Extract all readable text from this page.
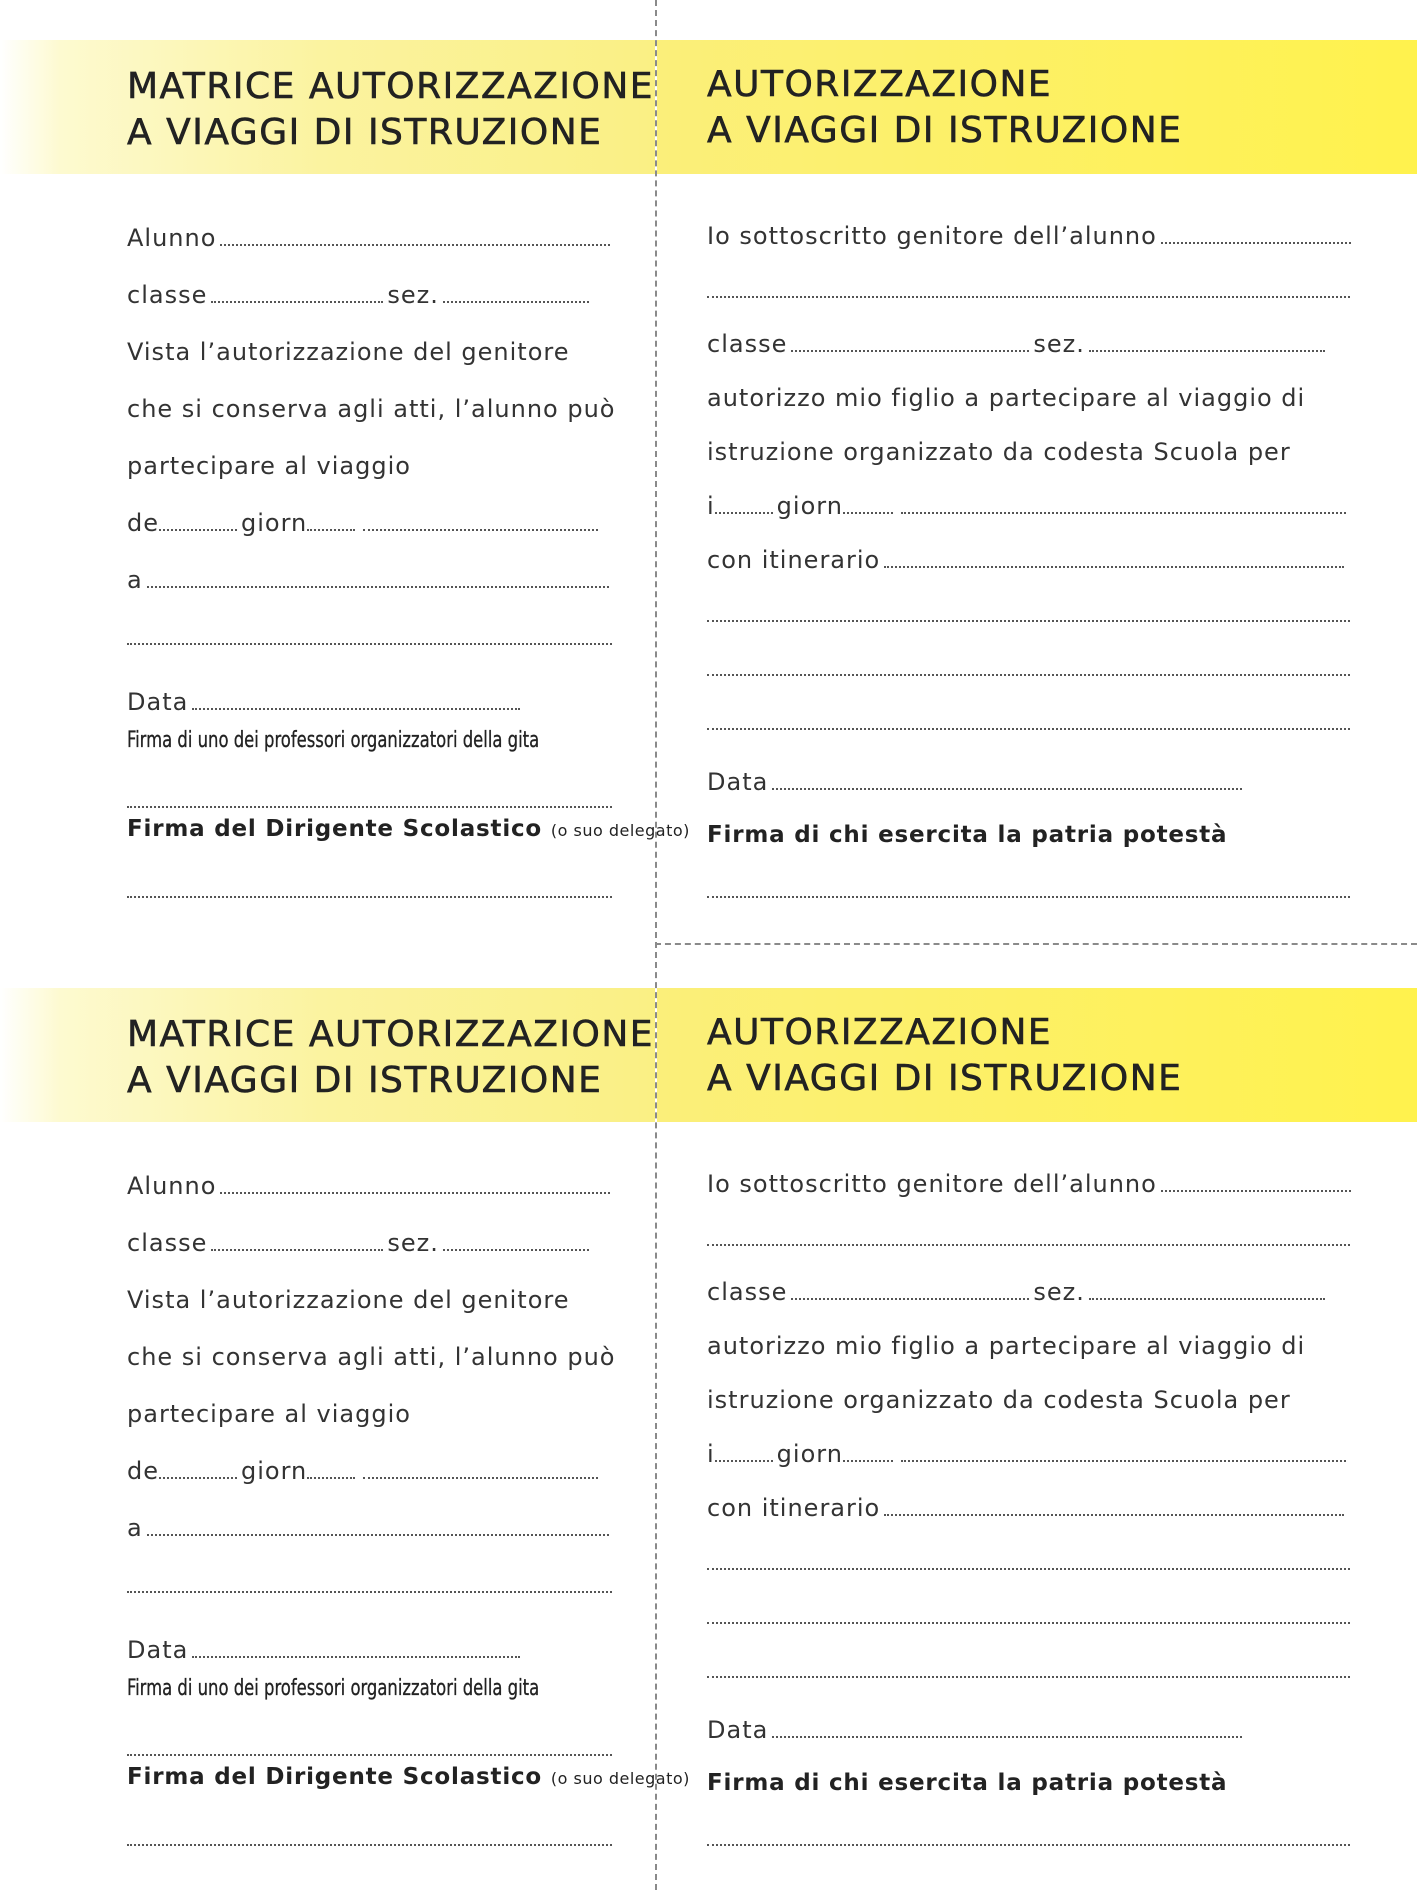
MATRICE AUTORIZZAZIONE
A VIAGGI DI ISTRUZIONE
Alunno
classe	sez.
Vista l’autorizzazione del genitore
che si conserva agli atti, l’alunno può
partecipare al viaggio
de	giorn
a
Data
Firma di uno dei professori organizzatori della gita
Firma del Dirigente Scolastico (o suo delegato)
AUTORIZZAZIONE
A VIAGGI DI ISTRUZIONE
Io sottoscritto genitore dell’alunno
classe	sez.
autorizzo mio figlio a partecipare al viaggio di
istruzione organizzato da codesta Scuola per
i	giorn
con itinerario
Data
Firma di chi esercita la patria potestà
MATRICE AUTORIZZAZIONE
A VIAGGI DI ISTRUZIONE
Alunno
classe	sez.
Vista l’autorizzazione del genitore
che si conserva agli atti, l’alunno può
partecipare al viaggio
de	giorn
a
Data
Firma di uno dei professori organizzatori della gita
Firma del Dirigente Scolastico (o suo delegato)
AUTORIZZAZIONE
A VIAGGI DI ISTRUZIONE
Io sottoscritto genitore dell’alunno
classe	sez.
autorizzo mio figlio a partecipare al viaggio di
istruzione organizzato da codesta Scuola per
i	giorn
con itinerario
Data
Firma di chi esercita la patria potestà
